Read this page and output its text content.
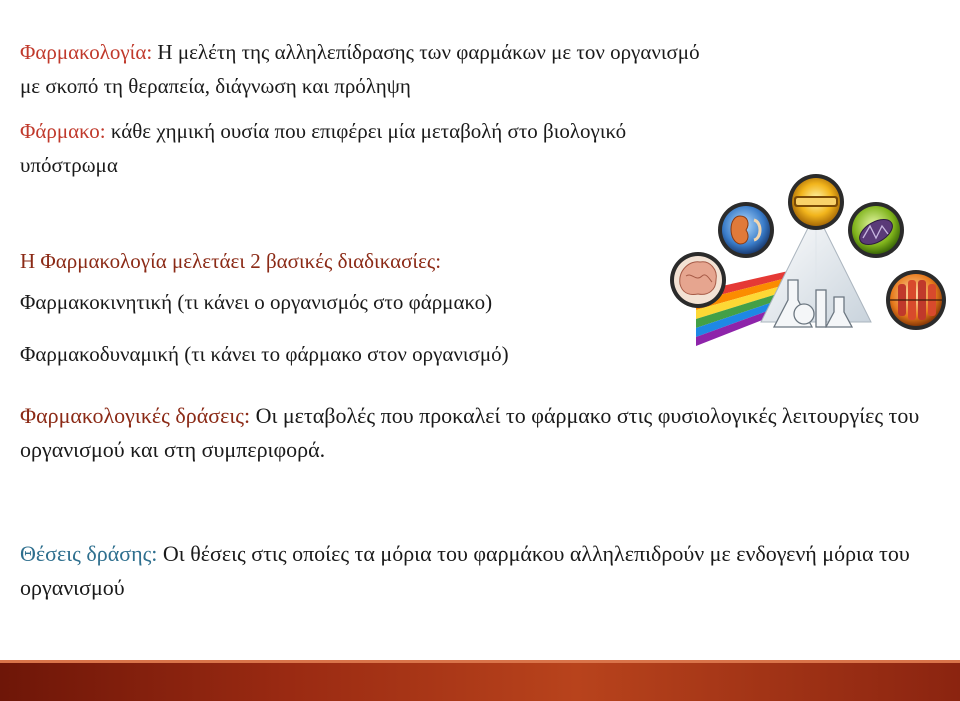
Φαρμακολογία: Η μελέτη της αλληλεπίδρασης των φαρμάκων με τον οργανισμό με σκοπό τη θεραπεία, διάγνωση και πρόληψη

Φάρμακο: κάθε χημική ουσία που επιφέρει μία μεταβολή στο βιολογικό υπόστρωμα

Η Φαρμακολογία μελετάει 2 βασικές διαδικασίες:

Φαρμακοκινητική (τι κάνει ο οργανισμός στο φάρμακο)

Φαρμακοδυναμική (τι κάνει το φάρμακο στον οργανισμό)

Φαρμακολογικές δράσεις: Οι μεταβολές που προκαλεί το φάρμακο στις φυσιολογικές λειτουργίες του οργανισμού και στη συμπεριφορά.

Θέσεις δράσης: Οι θέσεις στις οποίες τα μόρια του φαρμάκου αλληλεπιδρούν με ενδογενή μόρια του οργανισμού
